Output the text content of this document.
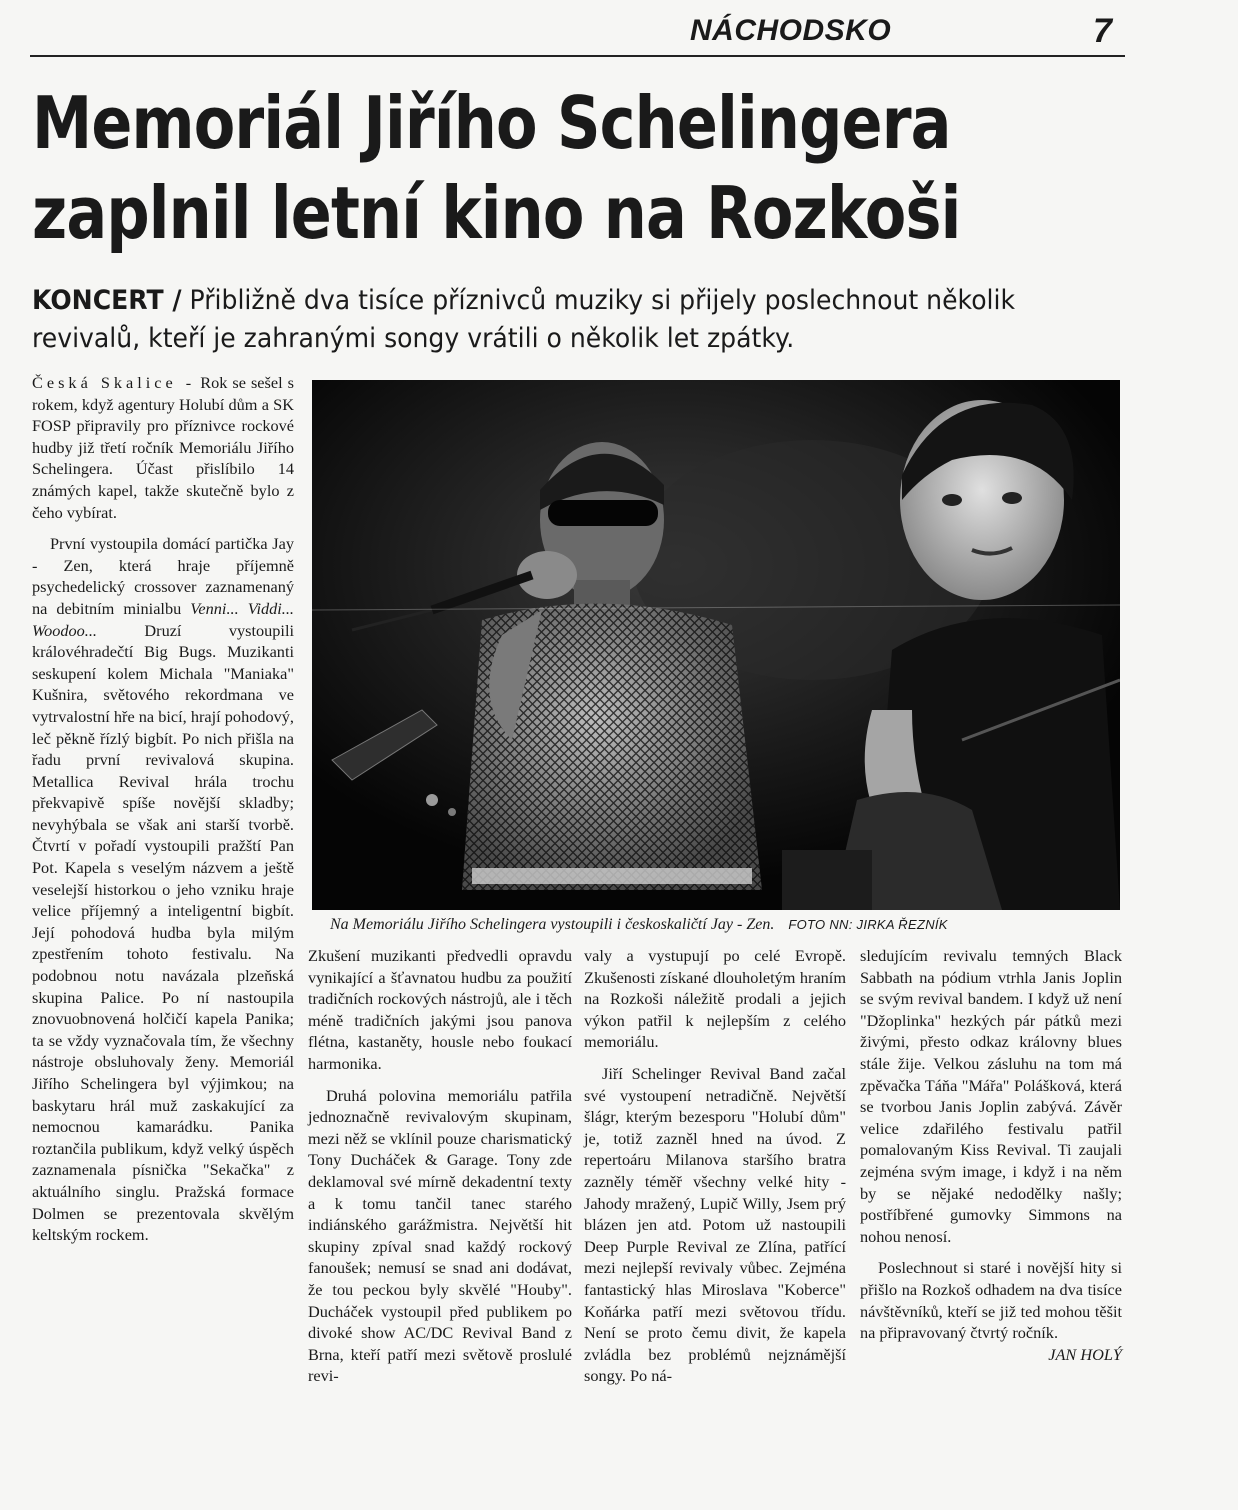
NÁCHODSKO	7
Memoriál Jiřího Schelingera
zaplnil letní kino na Rozkoši
KONCERT / Přibližně dva tisíce příznivců muziky si přijely poslechnout několik revivalů, kteří je zahranými songy vrátili o několik let zpátky.

Česká Skalice - Rok se sešel s rokem, když agentury Holubí dům a SK FOSP připravily pro příznivce rockové hudby již třetí ročník Memoriálu Jiřího Schelingera. Účast přislíbilo 14 známých kapel, takže skutečně bylo z čeho vybírat.

První vystoupila domácí partička Jay - Zen, která hraje příjemně psychedelický crossover zaznamenaný na debitním minialbu Venni... Viddi... Woodoo...	Druzí vystoupili královéhradečtí Big Bugs. Muzikanti seskupení kolem Michala "Maniaka" Kušnira, světového rekordmana ve vytrvalostní hře na bicí, hrají pohodový, leč pěkně řízlý bigbít. Po nich přišla na řadu první revivalová skupina. Metallica Revival hrála trochu překvapivě spíše novější skladby; nevyhýbala se však ani starší tvorbě. Čtvrtí v pořadí vystoupili pražští Pan Pot. Kapela s veselým názvem a ještě veselejší historkou o jeho vzniku hraje velice příjemný a inteligentní bigbít. Její pohodová hudba byla milým zpestřením tohoto festivalu. Na podobnou notu navázala plzeňská skupina Palice. Po ní nastoupila znovuobnovená holčičí kapela Panika; ta se vždy vyznačovala tím, že všechny nástroje obsluhovaly ženy. Memoriál Jiřího Schelingera byl výjimkou; na baskytaru hrál muž zaskakující za nemocnou kamarádku. Panika roztančila publikum, když velký úspěch zaznamenala písnička "Sekačka" z aktuálního singlu. Pražská formace Dolmen se prezentovala skvělým keltským rockem.

Na Memoriálu Jiřího Schelingera vystoupili i českoskaličtí Jay - Zen. FOTO NN: JIRKA ŘEZNÍK

Zkušení muzikanti předvedli opravdu vynikající a šťavnatou hudbu za použití tradičních rockových nástrojů, ale i těch méně tradičních jakými jsou panova flétna, kastaněty, housle nebo foukací harmonika.

Druhá polovina memoriálu patřila jednoznačně revivalovým skupinam, mezi něž se vklínil pouze charismatický Tony Ducháček & Garage. Tony zde deklamoval své mírně dekadentní texty a k tomu tančil tanec starého indiánského garážmistra. Největší hit skupiny zpíval snad každý rockový fanoušek; nemusí se snad ani dodávat, že tou peckou byly skvělé "Houby". Ducháček vystoupil před publikem po divoké show AC/DC Revival Band z Brna, kteří patří mezi světově proslulé revi-

valy a vystupují po celé Evropě. Zkušenosti získané dlouholetým hraním na Rozkoši náležitě prodali a jejich výkon patřil k nejlepším z celého memoriálu.

Jiří Schelinger Revival Band začal své vystoupení netradičně. Největší šlágr, kterým bezesporu "Holubí dům" je, totiž zazněl hned na úvod. Z repertoáru Milanova staršího bratra zazněly téměř všechny velké hity - Jahody mražený, Lupič Willy, Jsem prý blázen jen atd. Potom už nastoupili Deep Purple Revival ze Zlína, patřící mezi nejlepší revivaly vůbec. Zejména fantastický hlas Miroslava "Koberce" Koňárka patří mezi světovou třídu. Není se proto čemu divit, že kapela zvládla bez problémů nejznámější songy. Po ná-

sledujícím revivalu temných Black Sabbath na pódium vtrhla Janis Joplin se svým revival bandem. I když už není "Džoplinka" hezkých pár pátků mezi živými, přesto odkaz královny blues stále žije. Velkou zásluhu na tom má zpěvačka Táňa "Mářa" Polášková, která se tvorbou Janis Joplin zabývá. Závěr velice zdařilého festivalu patřil pomalovaným Kiss Revival. Ti zaujali zejména svým image, i když i na něm by se nějaké nedodělky našly; postříbřené gumovky Simmons na nohou nenosí.

Poslechnout si staré i novější hity si přišlo na Rozkoš odhadem na dva tisíce návštěvníků, kteří se již ted mohou těšit na připravovaný čtvrtý ročník.
JAN HOLÝ
